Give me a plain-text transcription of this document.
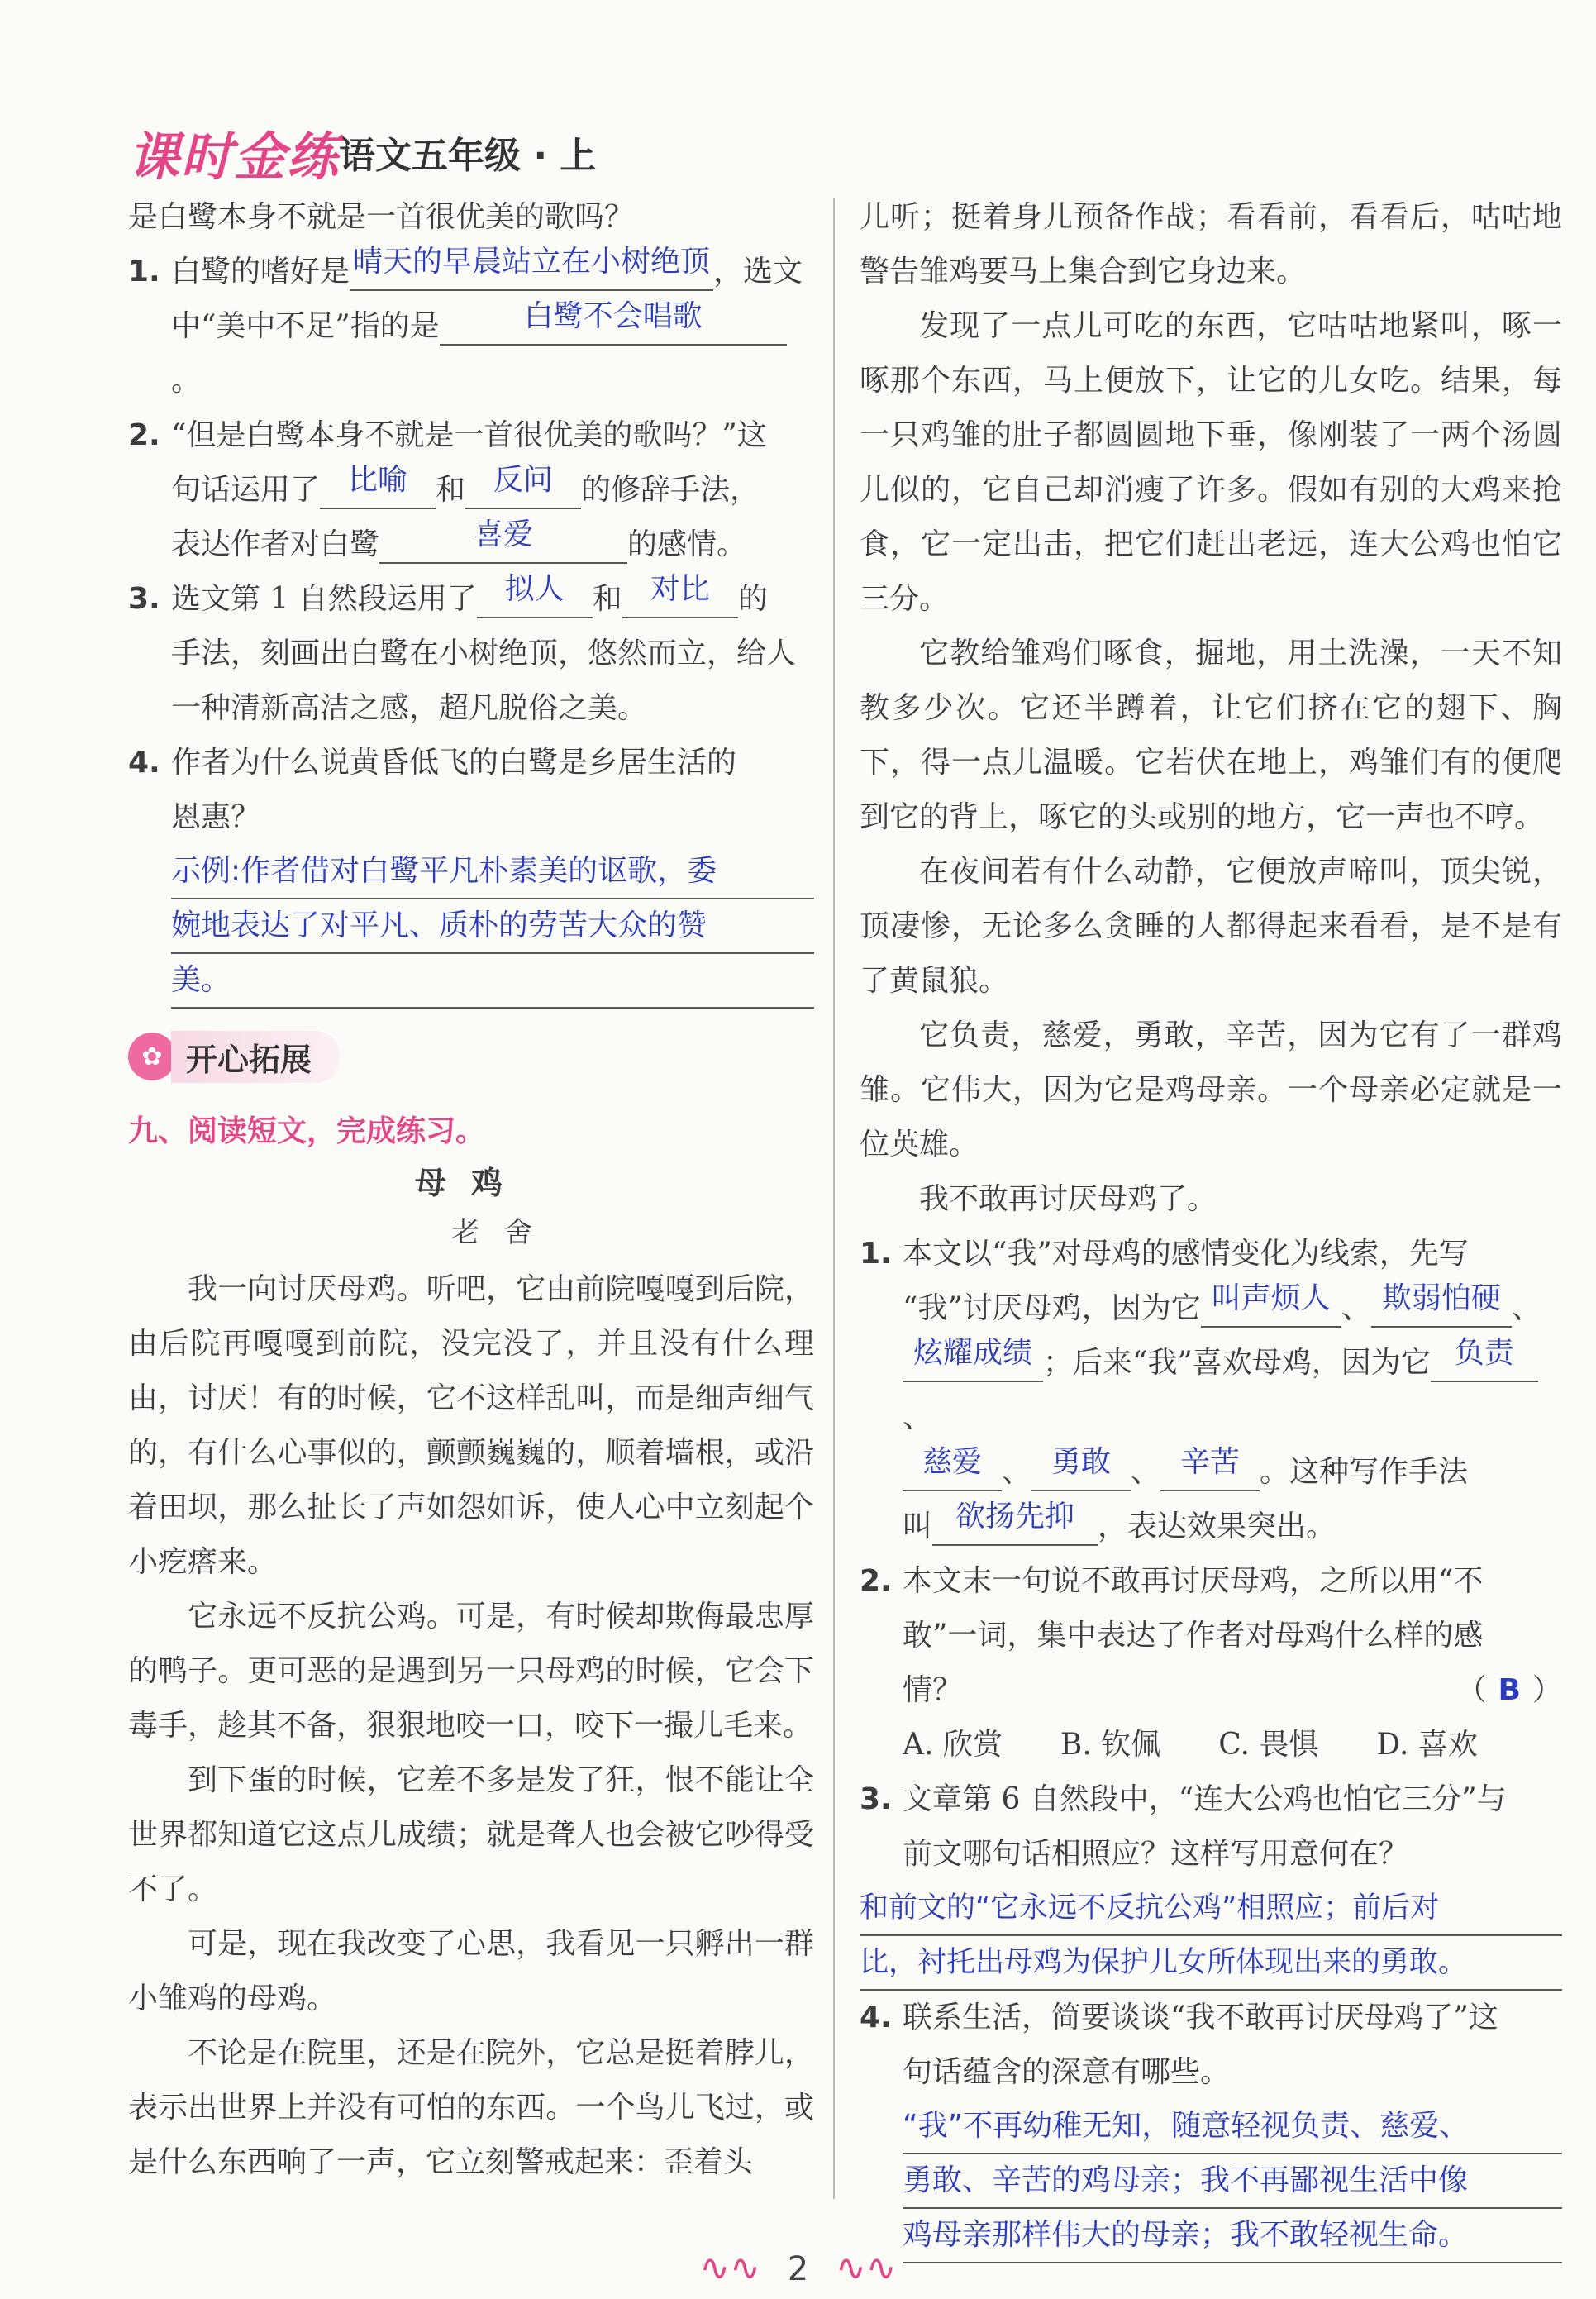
课时金练
语文五年级 · 上

是白鹭本身不就是一首很优美的歌吗？

1. 白鹭的嗜好是 晴天的早晨站立在小树绝顶 ，选文
中“美中不足”指的是	白鹭不会唱歌。
2. “但是白鹭本身不就是一首很优美的歌吗？”这
句话运用了 比喻 和 反问 的修辞手法，
表达作者对白鹭	喜爱	的感情。
3. 选文第 1 自然段运用了 拟人 和 对比 的
手法，刻画出白鹭在小树绝顶，悠然而立，给人
一种清新高洁之感，超凡脱俗之美。
4. 作者为什么说黄昏低飞的白鹭是乡居生活的
恩惠？

示例:作者借对白鹭平凡朴素美的讴歌，委

婉地表达了对平凡、质朴的劳苦大众的赞

美。

✿ 开心拓展
九、阅读短文，完成练习。
母鸡
老舍

我一向讨厌母鸡。听吧，它由前院嘎嘎到后院，由后院再嘎嘎到前院，没完没了，并且没有什么理由，讨厌！有的时候，它不这样乱叫，而是细声细气的，有什么心事似的，颤颤巍巍的，顺着墙根，或沿着田坝，那么扯长了声如怨如诉，使人心中立刻起个小疙瘩来。

它永远不反抗公鸡。可是，有时候却欺侮最忠厚的鸭子。更可恶的是遇到另一只母鸡的时候，它会下毒手，趁其不备，狠狠地咬一口，咬下一撮儿毛来。

到下蛋的时候，它差不多是发了狂，恨不能让全世界都知道它这点儿成绩；就是聋人也会被它吵得受不了。

可是，现在我改变了心思，我看见一只孵出一群小雏鸡的母鸡。

不论是在院里，还是在院外，它总是挺着脖儿，表示出世界上并没有可怕的东西。一个鸟儿飞过，或是什么东西响了一声，它立刻警戒起来：歪着头

儿听；挺着身儿预备作战；看看前，看看后，咕咕地警告雏鸡要马上集合到它身边来。

发现了一点儿可吃的东西，它咕咕地紧叫，啄一啄那个东西，马上便放下，让它的儿女吃。结果，每一只鸡雏的肚子都圆圆地下垂，像刚装了一两个汤圆儿似的，它自己却消瘦了许多。假如有别的大鸡来抢食，它一定出击，把它们赶出老远，连大公鸡也怕它三分。

它教给雏鸡们啄食，掘地，用土洗澡，一天不知教多少次。它还半蹲着，让它们挤在它的翅下、胸下，得一点儿温暖。它若伏在地上，鸡雏们有的便爬到它的背上，啄它的头或别的地方，它一声也不哼。

在夜间若有什么动静，它便放声啼叫，顶尖锐，顶凄惨，无论多么贪睡的人都得起来看看，是不是有了黄鼠狼。

它负责，慈爱，勇敢，辛苦，因为它有了一群鸡雏。它伟大，因为它是鸡母亲。一个母亲必定就是一位英雄。

我不敢再讨厌母鸡了。

1. 本文以“我”对母鸡的感情变化为线索，先写
“我”讨厌母鸡，因为它 叫声烦人 、 欺弱怕硬 、
炫耀成绩 ；后来“我”喜欢母鸡，因为它 负责、
慈爱 、 勇敢 、 辛苦 。这种写作手法
叫 欲扬先抑 ，表达效果突出。
2. 本文末一句说不敢再讨厌母鸡，之所以用“不
敢”一词，集中表达了作者对母鸡什么样的感
情？	（ B ）
A. 欣赏 B. 钦佩 C. 畏惧 D. 喜欢
3. 文章第 6 自然段中，“连大公鸡也怕它三分”与
前文哪句话相照应？这样写用意何在？

和前文的“它永远不反抗公鸡”相照应；前后对

比，衬托出母鸡为保护儿女所体现出来的勇敢。

4. 联系生活，简要谈谈“我不敢再讨厌母鸡了”这
句话蕴含的深意有哪些。

“我”不再幼稚无知，随意轻视负责、慈爱、

勇敢、辛苦的鸡母亲；我不再鄙视生活中像

鸡母亲那样伟大的母亲；我不敢轻视生命。

∿∿ 2 ∿∿
